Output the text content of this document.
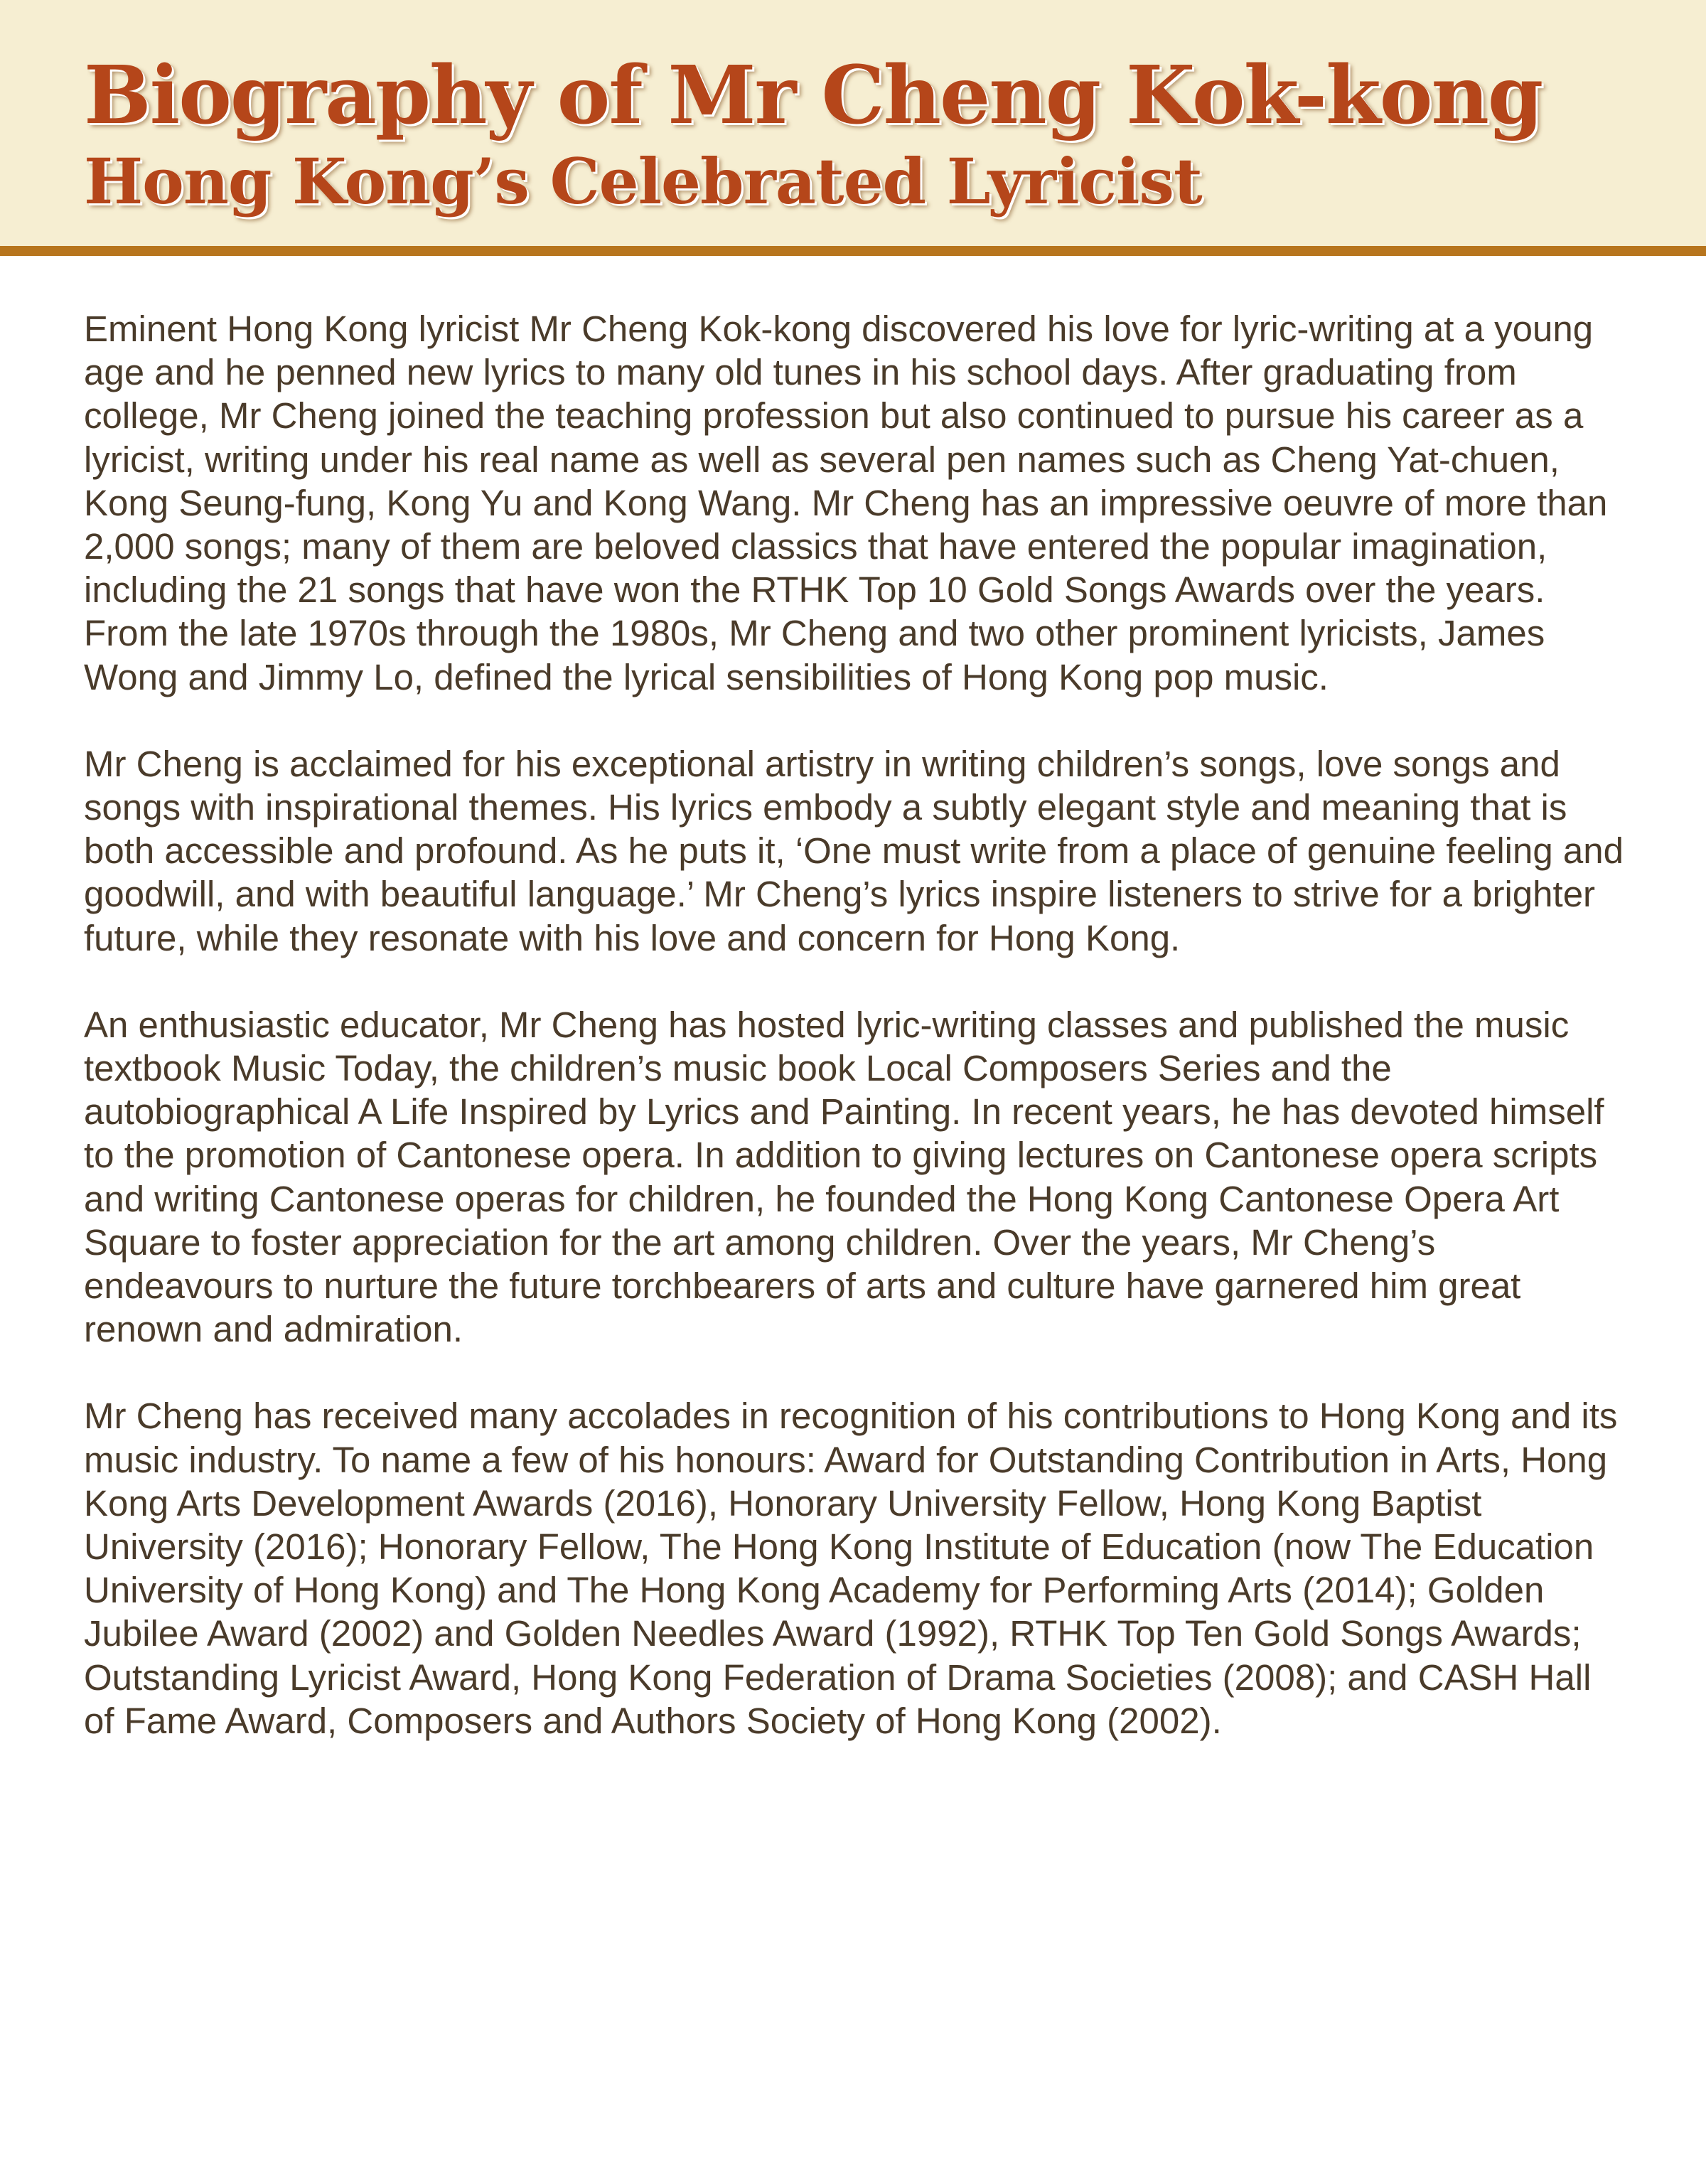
Biography of Mr Cheng Kok-kong
Hong Kong’s Celebrated Lyricist

Eminent Hong Kong lyricist Mr Cheng Kok-kong discovered his love for lyric-writing at a young age and he penned new lyrics to many old tunes in his school days. After graduating from college, Mr Cheng joined the teaching profession but also continued to pursue his career as a lyricist, writing under his real name as well as several pen names such as Cheng Yat-chuen, Kong Seung-fung, Kong Yu and Kong Wang. Mr Cheng has an impressive oeuvre of more than 2,000 songs; many of them are beloved classics that have entered the popular imagination, including the 21 songs that have won the RTHK Top 10 Gold Songs Awards over the years. From the late 1970s through the 1980s, Mr Cheng and two other prominent lyricists, James Wong and Jimmy Lo, defined the lyrical sensibilities of Hong Kong pop music.

Mr Cheng is acclaimed for his exceptional artistry in writing children’s songs, love songs and songs with inspirational themes. His lyrics embody a subtly elegant style and meaning that is both accessible and profound. As he puts it, ‘One must write from a place of genuine feeling and goodwill, and with beautiful language.’ Mr Cheng’s lyrics inspire listeners to strive for a brighter future, while they resonate with his love and concern for Hong Kong.

An enthusiastic educator, Mr Cheng has hosted lyric-writing classes and published the music textbook Music Today, the children’s music book Local Composers Series and the autobiographical A Life Inspired by Lyrics and Painting. In recent years, he has devoted himself to the promotion of Cantonese opera. In addition to giving lectures on Cantonese opera scripts and writing Cantonese operas for children, he founded the Hong Kong Cantonese Opera Art Square to foster appreciation for the art among children. Over the years, Mr Cheng’s endeavours to nurture the future torchbearers of arts and culture have garnered him great renown and admiration.

Mr Cheng has received many accolades in recognition of his contributions to Hong Kong and its music industry. To name a few of his honours: Award for Outstanding Contribution in Arts, Hong Kong Arts Development Awards (2016), Honorary University Fellow, Hong Kong Baptist University (2016); Honorary Fellow, The Hong Kong Institute of Education (now The Education University of Hong Kong) and The Hong Kong Academy for Performing Arts (2014); Golden Jubilee Award (2002) and Golden Needles Award (1992), RTHK Top Ten Gold Songs Awards; Outstanding Lyricist Award, Hong Kong Federation of Drama Societies (2008); and CASH Hall of Fame Award, Composers and Authors Society of Hong Kong (2002).
